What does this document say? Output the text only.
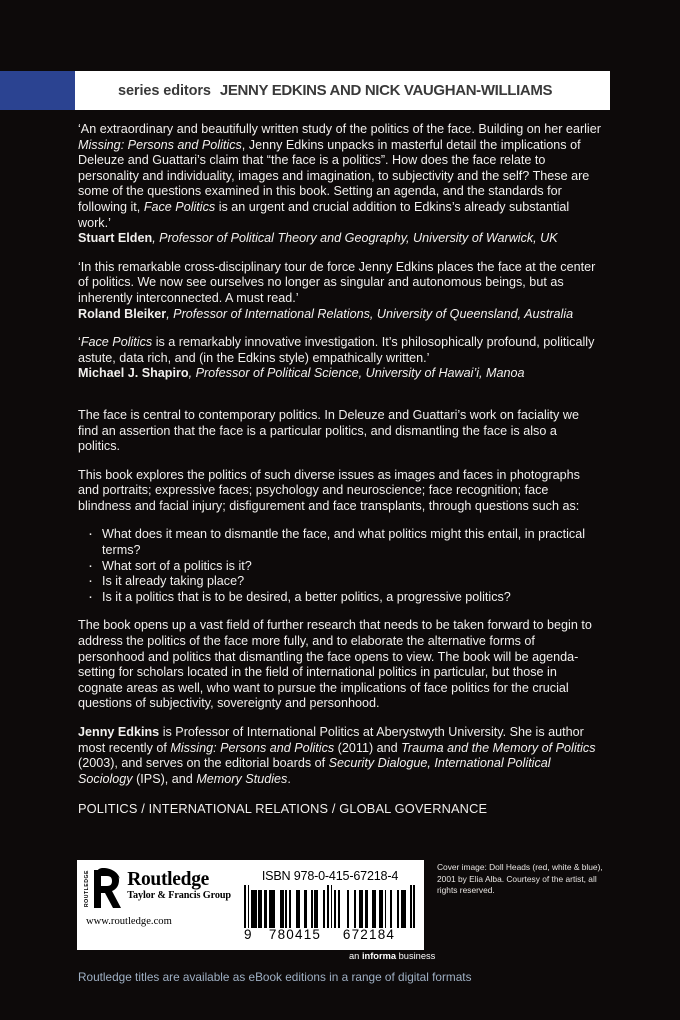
series editors JENNY EDKINS AND NICK VAUGHAN-WILLIAMS

‘An extraordinary and beautifully written study of the politics of the face. Building on her earlier Missing: Persons and Politics, Jenny Edkins unpacks in masterful detail the implications of Deleuze and Guattari’s claim that “the face is a politics”. How does the face relate to personality and individuality, images and imagination, to subjectivity and the self? These are some of the questions examined in this book. Setting an agenda, and the standards for following it, Face Politics is an urgent and crucial addition to Edkins’s already substantial work.’

Stuart Elden, Professor of Political Theory and Geography, University of Warwick, UK

‘In this remarkable cross-disciplinary tour de force Jenny Edkins places the face at the center of politics. We now see ourselves no longer as singular and autonomous beings, but as inherently interconnected. A must read.’

Roland Bleiker, Professor of International Relations, University of Queensland, Australia

‘Face Politics is a remarkably innovative investigation. It’s philosophically profound, politically astute, data rich, and (in the Edkins style) empathically written.’

Michael J. Shapiro, Professor of Political Science, University of Hawai’i, Manoa

The face is central to contemporary politics. In Deleuze and Guattari’s work on faciality we find an assertion that the face is a particular politics, and dismantling the face is also a politics.

This book explores the politics of such diverse issues as images and faces in photographs and portraits; expressive faces; psychology and neuroscience; face recognition; face blindness and facial injury; disfigurement and face transplants, through questions such as:

· What does it mean to dismantle the face, and what politics might this entail, in practical terms?
· What sort of a politics is it?
· Is it already taking place?
· Is it a politics that is to be desired, a better politics, a progressive politics?

The book opens up a vast field of further research that needs to be taken forward to begin to address the politics of the face more fully, and to elaborate the alternative forms of personhood and politics that dismantling the face opens to view. The book will be agenda-setting for scholars located in the field of international politics in particular, but those in cognate areas as well, who want to pursue the implications of face politics for the crucial questions of subjectivity, sovereignty and personhood.

Jenny Edkins is Professor of International Politics at Aberystwyth University. She is author most recently of Missing: Persons and Politics (2011) and Trauma and the Memory of Politics (2003), and serves on the editorial boards of Security Dialogue, International Political Sociology (IPS), and Memory Studies.

POLITICS / INTERNATIONAL RELATIONS / GLOBAL GOVERNANCE

ROUTLEDGE Routledge
Taylor & Francis Group
www.routledge.com
ISBN 978-0-415-67218-4
9	780415	672184
Cover image: Doll Heads (red, white & blue), 2001 by Elia Alba. Courtesy of the artist, all rights reserved.
an informa business
Routledge titles are available as eBook editions in a range of digital formats
